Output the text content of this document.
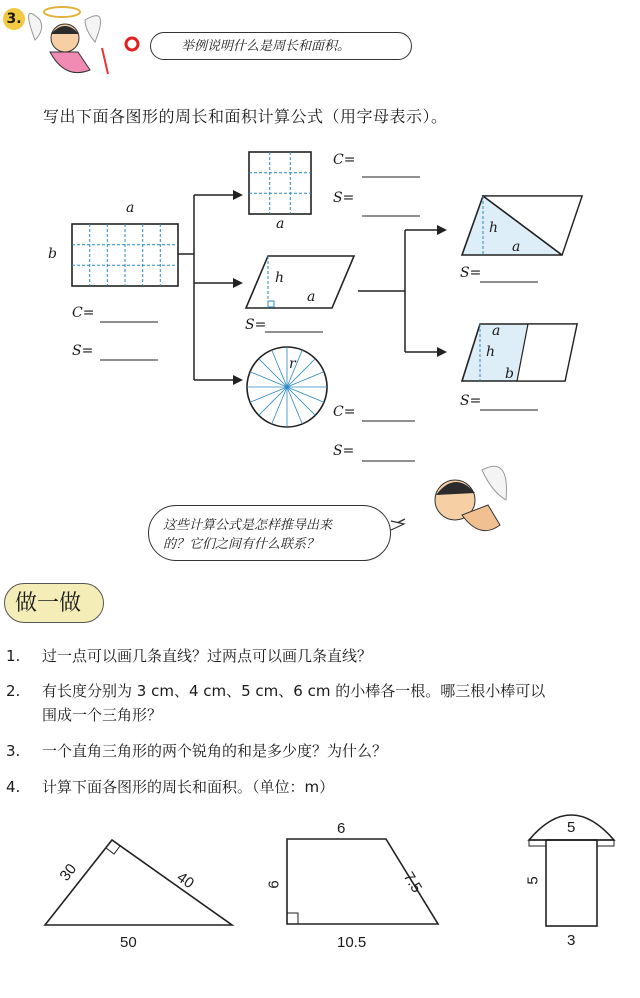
3.
举例说明什么是周长和面积。
写出下面各图形的周长和面积计算公式（用字母表示）。
a
b
C=
S=
C=
S=
a
h
a
S=
r
C=
S=
h
a
S=
a
h
b
S=
这些计算公式是怎样推导出来
的？它们之间有什么联系？
做一做
1. 过一点可以画几条直线？过两点可以画几条直线？
2. 有长度分别为 3 cm、4 cm、5 cm、6 cm 的小棒各一根。哪三根小棒可以
围成一个三角形？
3. 一个直角三角形的两个锐角的和是多少度？为什么？
4. 计算下面各图形的周长和面积。（单位：m）
30	40
50
6
6	7.5
10.5
5
5
3
